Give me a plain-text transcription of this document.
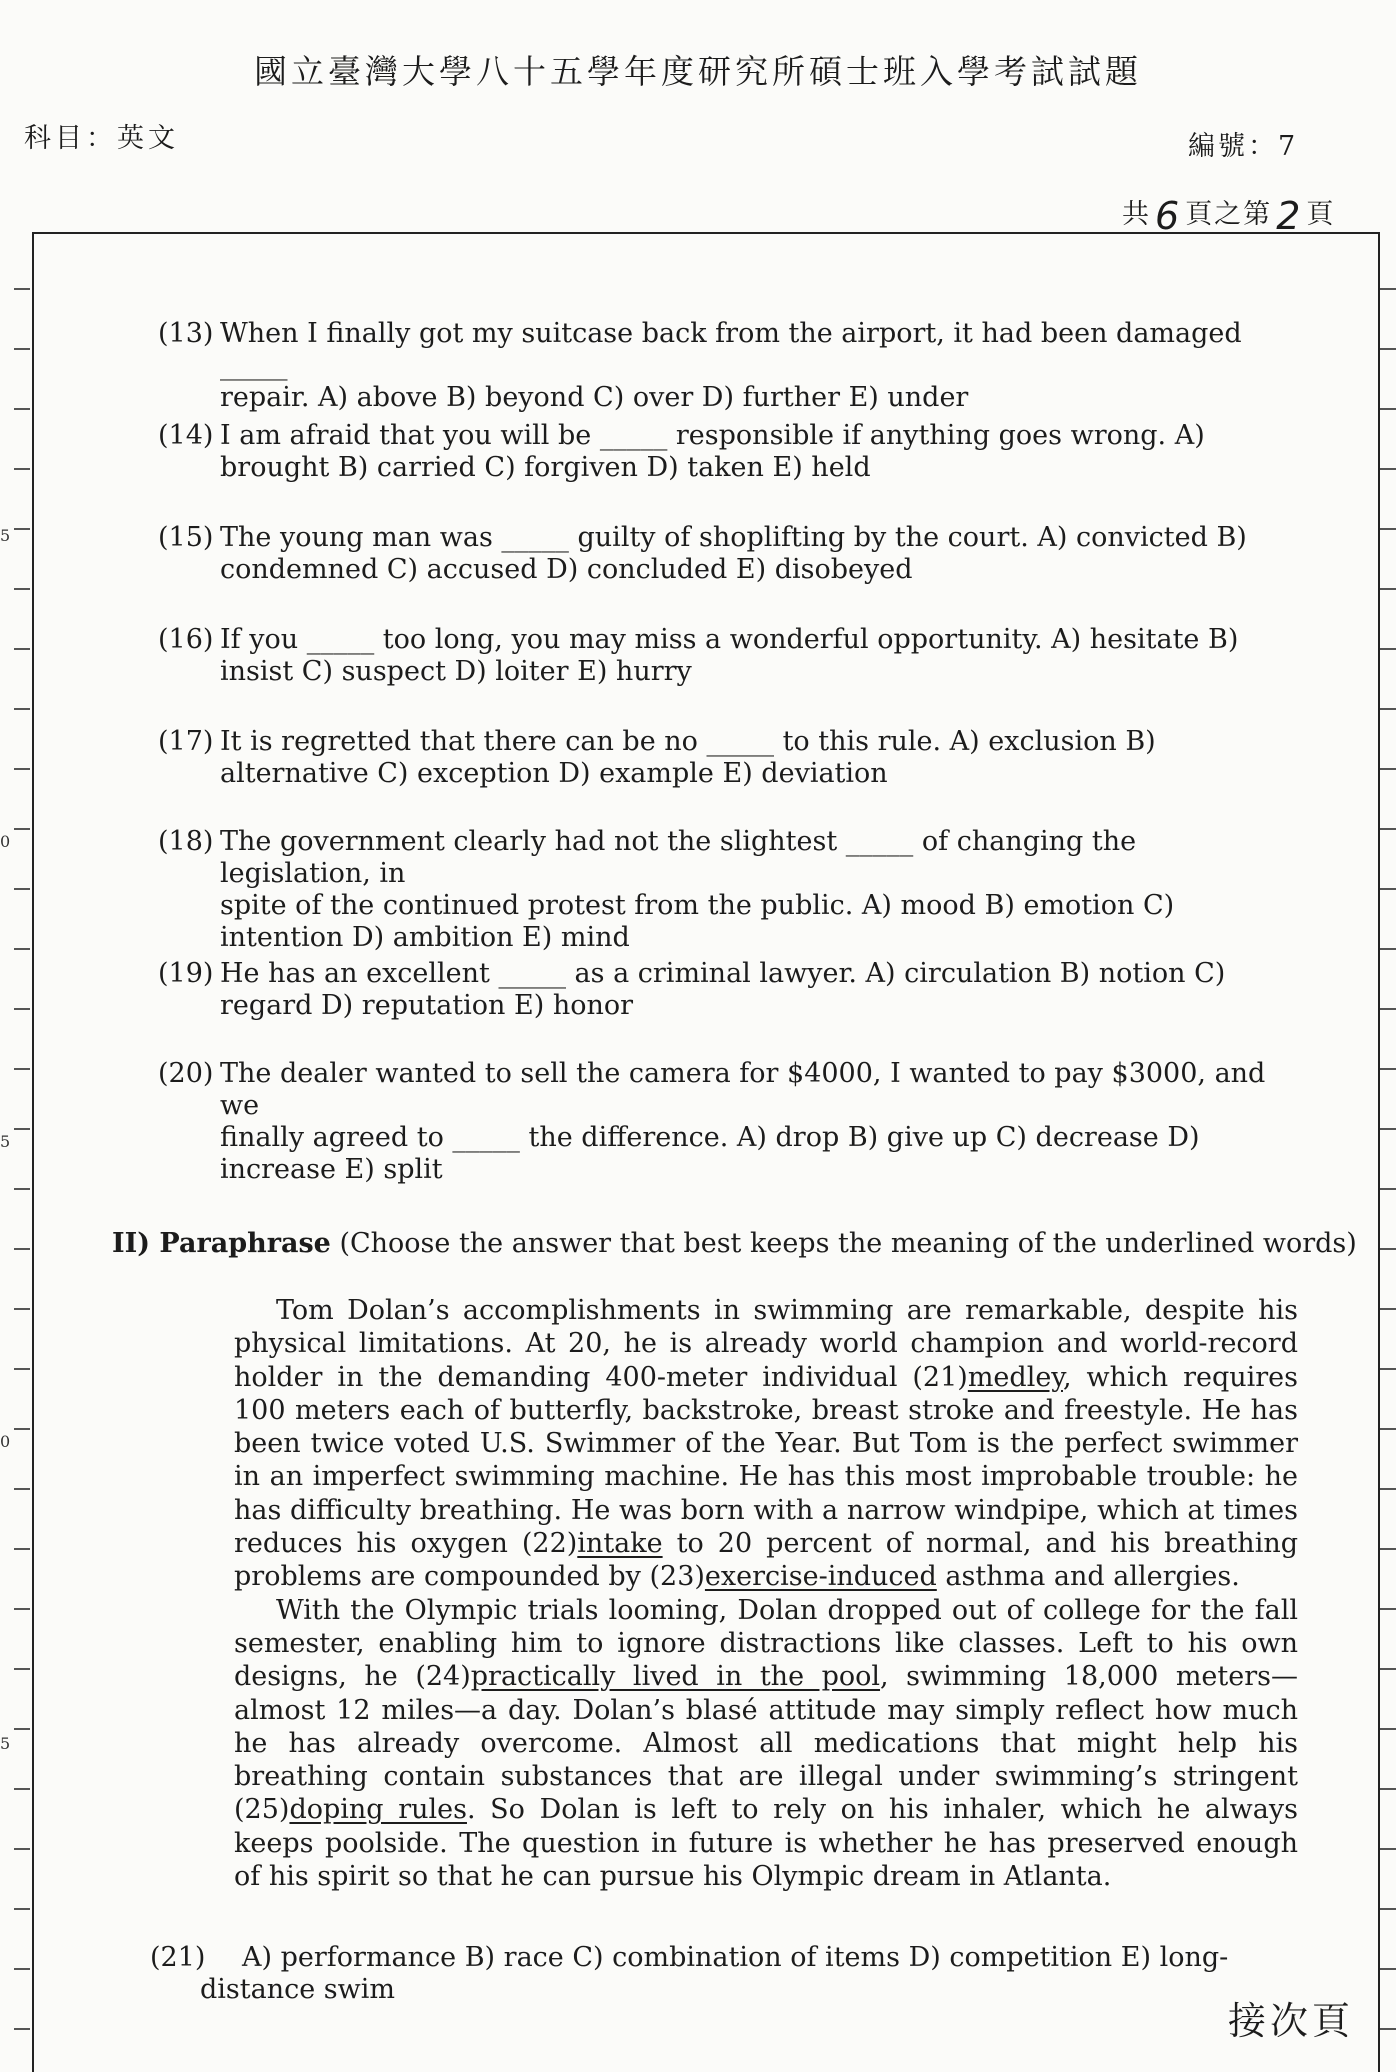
國立臺灣大學八十五學年度研究所碩士班入學考試試題
科目：英文	編號：7
共 6 頁之第 2 頁
5
0
5
0
5
(13) When I finally got my suitcase back from the airport, it had been damaged _____
repair. A) above B) beyond C) over D) further E) under
(14) I am afraid that you will be _____ responsible if anything goes wrong. A)
brought B) carried C) forgiven D) taken E) held
(15) The young man was _____ guilty of shoplifting by the court. A) convicted B)
condemned C) accused D) concluded E) disobeyed
(16) If you _____ too long, you may miss a wonderful opportunity. A) hesitate B)
insist C) suspect D) loiter E) hurry
(17) It is regretted that there can be no _____ to this rule. A) exclusion B)
alternative C) exception D) example E) deviation
(18) The government clearly had not the slightest _____ of changing the legislation, in
spite of the continued protest from the public. A) mood B) emotion C)
intention D) ambition E) mind
(19) He has an excellent _____ as a criminal lawyer. A) circulation B) notion C)
regard D) reputation E) honor
(20) The dealer wanted to sell the camera for $4000, I wanted to pay $3000, and we
finally agreed to _____ the difference. A) drop B) give up C) decrease D)
increase E) split
II) Paraphrase (Choose the answer that best keeps the meaning of the underlined words)

Tom Dolan’s accomplishments in swimming are remarkable, despite his physical limitations. At 20, he is already world champion and world-record holder in the demanding 400-meter individual (21)medley, which requires 100 meters each of butterfly, backstroke, breast stroke and freestyle. He has been twice voted U.S. Swimmer of the Year. But Tom is the perfect swimmer in an imperfect swimming machine. He has this most improbable trouble: he has difficulty breathing. He was born with a narrow windpipe, which at times reduces his oxygen (22)intake to 20 percent of normal, and his breathing problems are compounded by (23)exercise-induced asthma and allergies.

With the Olympic trials looming, Dolan dropped out of college for the fall semester, enabling him to ignore distractions like classes. Left to his own designs, he (24)practically lived in the pool, swimming 18,000 meters—almost 12 miles—a day. Dolan’s blasé attitude may simply reflect how much he has already overcome. Almost all medications that might help his breathing contain substances that are illegal under swimming’s stringent (25)doping rules. So Dolan is left to rely on his inhaler, which he always keeps poolside. The question in future is whether he has preserved enough of his spirit so that he can pursue his Olympic dream in Atlanta.

(21) A) performance B) race C) combination of items D) competition E) long-
distance swim
接次頁
